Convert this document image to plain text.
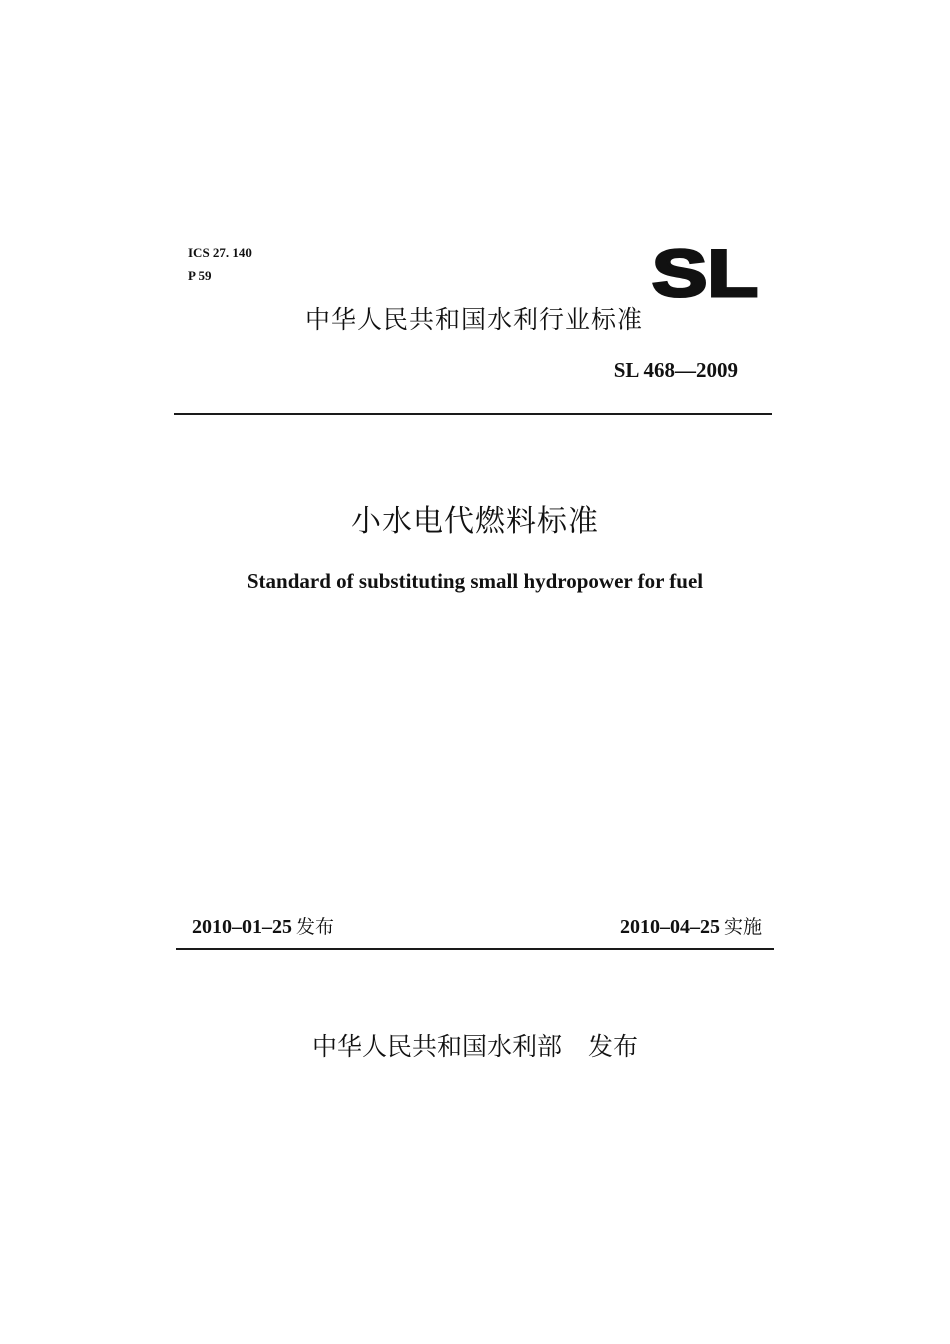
ICS 27. 140
P 59	SL
中华人民共和国水利行业标准
SL 468—2009
小水电代燃料标准
Standard of substituting small hydropower for fuel
2010–01–25 发布	2010–04–25 实施
中华人民共和国水利部 发布
